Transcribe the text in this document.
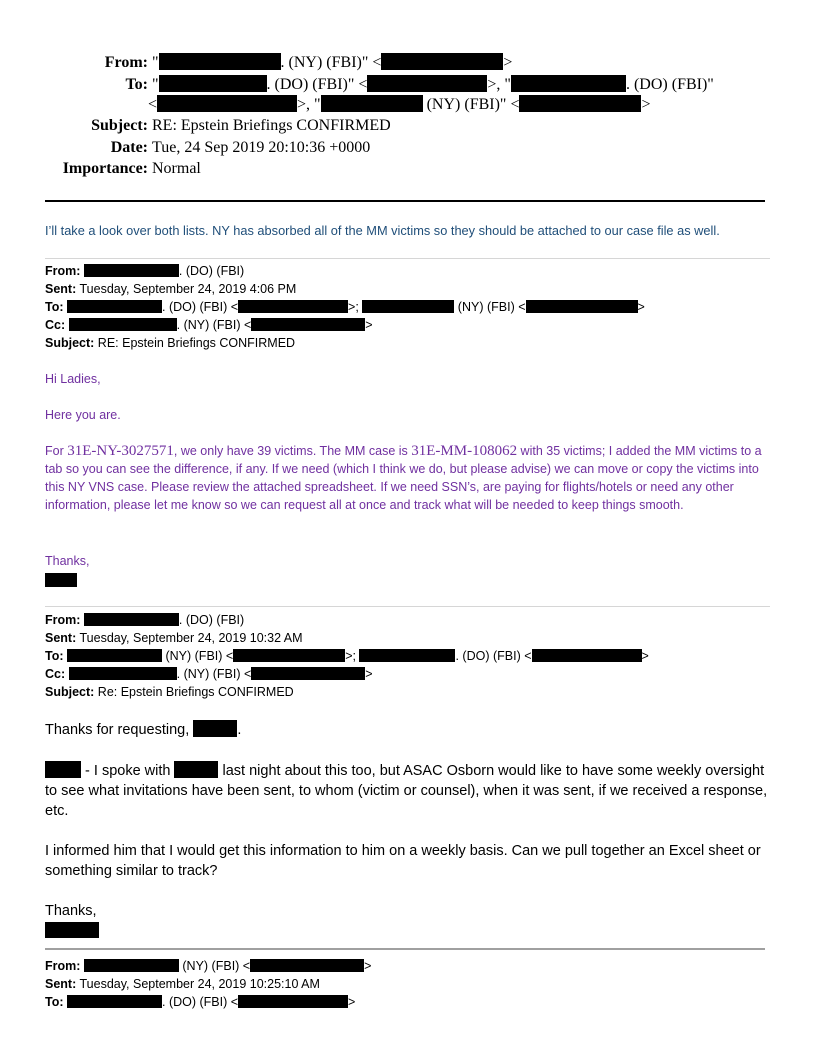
From: "	. (NY) (FBI)" <	>
To: "	. (DO) (FBI)" <	>, "	. (DO) (FBI)"
<	>, "	(NY) (FBI)" <	>
Subject: RE: Epstein Briefings CONFIRMED
Date: Tue, 24 Sep 2019 20:10:36 +0000
Importance: Normal
I’ll take a look over both lists. NY has absorbed all of the MM victims so they should be attached to our case file as well.
From:	. (DO) (FBI)
Sent: Tuesday, September 24, 2019 4:06 PM
To:	. (DO) (FBI) <	>;	(NY) (FBI) <	>
Cc:	. (NY) (FBI) <	>
Subject: RE: Epstein Briefings CONFIRMED
Hi Ladies,
Here you are.
For 31E-NY-3027571, we only have 39 victims. The MM case is 31E-MM-108062 with 35 victims; I added the MM victims to a tab so you can see the difference, if any. If we need (which I think we do, but please advise) we can move or copy the victims into this NY VNS case. Please review the attached spreadsheet. If we need SSN’s, are paying for flights/hotels or need any other information, please let me know so we can request all at once and track what will be needed to keep things smooth.
Thanks,
From:	. (DO) (FBI)
Sent: Tuesday, September 24, 2019 10:32 AM
To:	(NY) (FBI) <	>;	. (DO) (FBI) <	>
Cc:	. (NY) (FBI) <	>
Subject: Re: Epstein Briefings CONFIRMED
Thanks for requesting,	.
- I spoke with	last night about this too, but ASAC Osborn would like to have some weekly oversight to see what invitations have been sent, to whom (victim or counsel), when it was sent, if we received a response, etc.
I informed him that I would get this information to him on a weekly basis. Can we pull together an Excel sheet or something similar to track?
Thanks,
From:	(NY) (FBI) <	>
Sent: Tuesday, September 24, 2019 10:25:10 AM
To:	. (DO) (FBI) <	>
